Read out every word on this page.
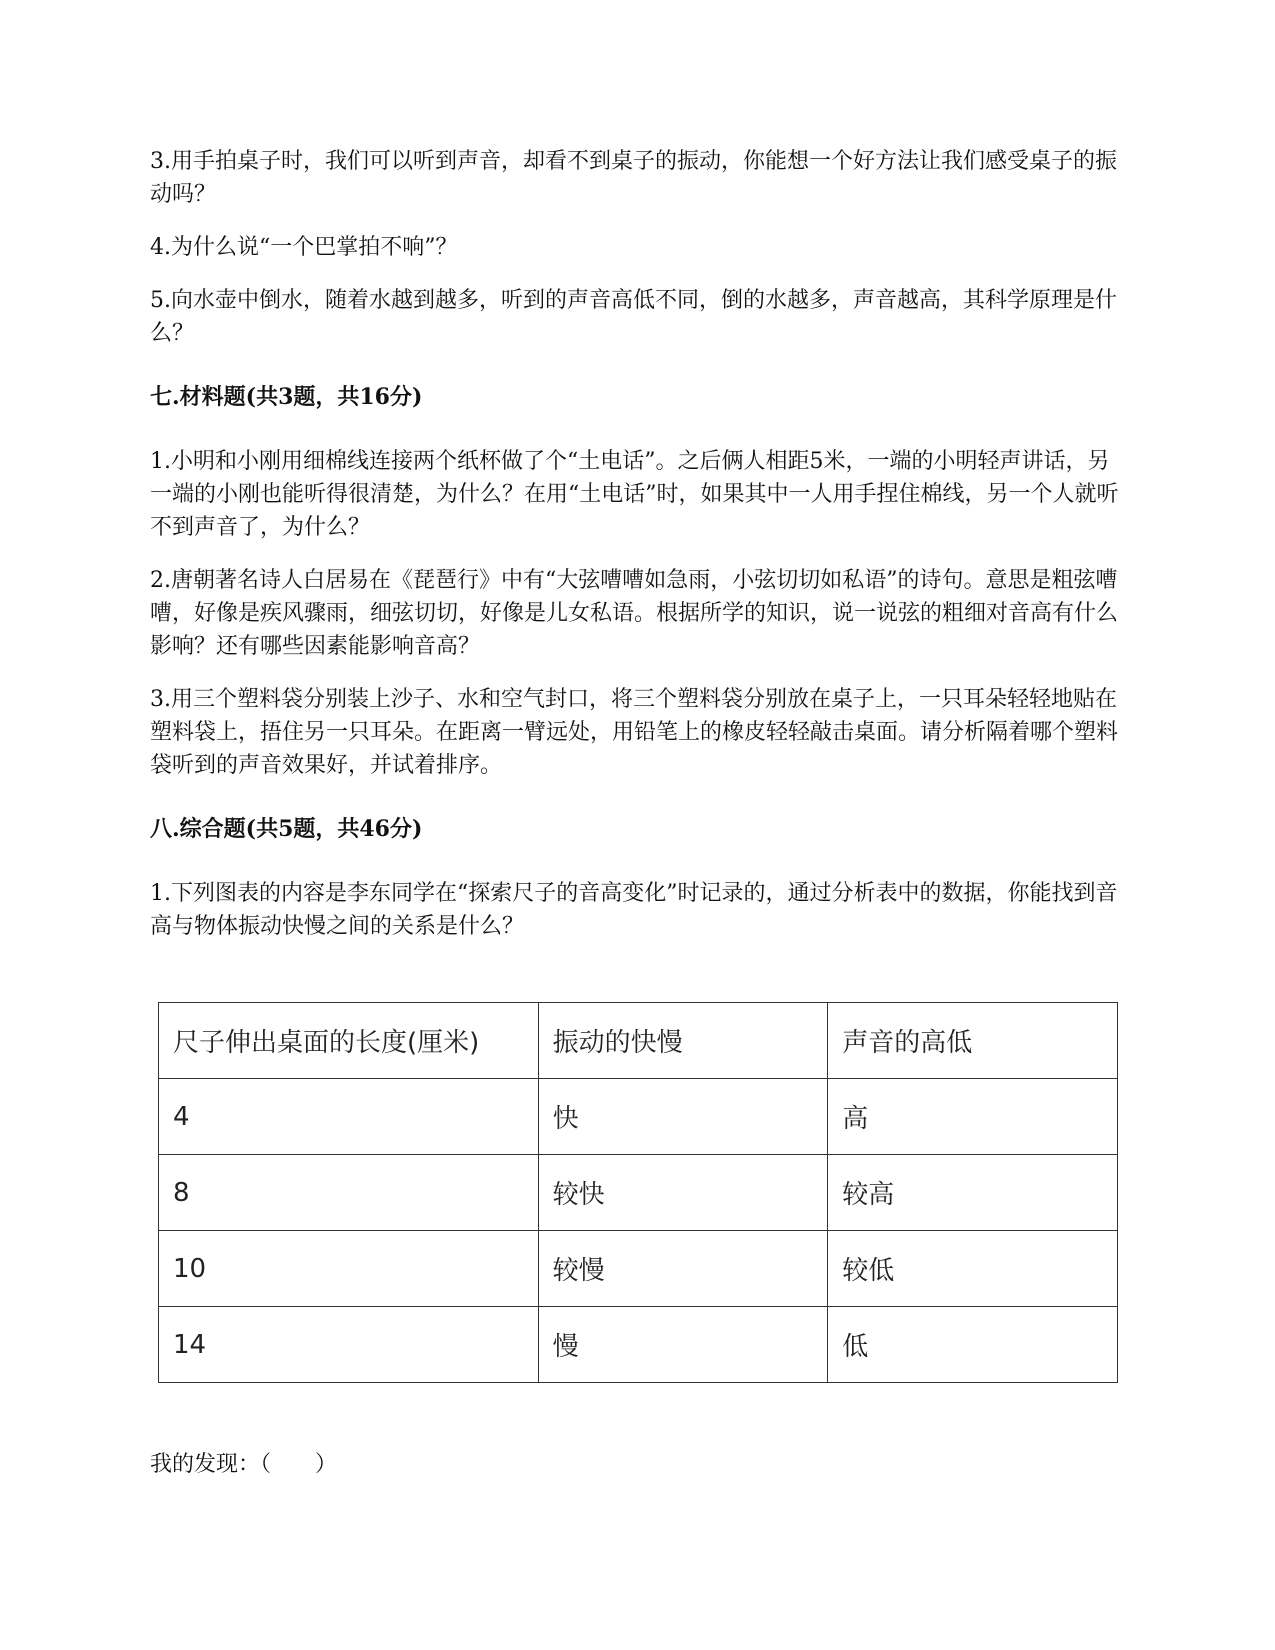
3.用手拍桌子时，我们可以听到声音，却看不到桌子的振动，你能想一个好方法让我们感受桌子的振动吗？

4.为什么说“一个巴掌拍不响”？

5.向水壶中倒水，随着水越到越多，听到的声音高低不同，倒的水越多，声音越高，其科学原理是什么？

七.材料题(共3题，共16分)

1.小明和小刚用细棉线连接两个纸杯做了个“土电话”。之后俩人相距5米，一端的小明轻声讲话，另一端的小刚也能听得很清楚，为什么？在用“土电话”时，如果其中一人用手捏住棉线，另一个人就听不到声音了，为什么？

2.唐朝著名诗人白居易在《琵琶行》中有“大弦嘈嘈如急雨，小弦切切如私语”的诗句。意思是粗弦嘈嘈，好像是疾风骤雨，细弦切切，好像是儿女私语。根据所学的知识，说一说弦的粗细对音高有什么影响？还有哪些因素能影响音高？

3.用三个塑料袋分别装上沙子、水和空气封口，将三个塑料袋分别放在桌子上，一只耳朵轻轻地贴在塑料袋上，捂住另一只耳朵。在距离一臂远处，用铅笔上的橡皮轻轻敲击桌面。请分析隔着哪个塑料袋听到的声音效果好，并试着排序。

八.综合题(共5题，共46分)

1.下列图表的内容是李东同学在“探索尺子的音高变化”时记录的，通过分析表中的数据，你能找到音高与物体振动快慢之间的关系是什么？

尺子伸出桌面的长度(厘米)	振动的快慢	声音的高低
4	快	高
8	较快	较高
10	较慢	较低
14	慢	低
我的发现：（　　）
